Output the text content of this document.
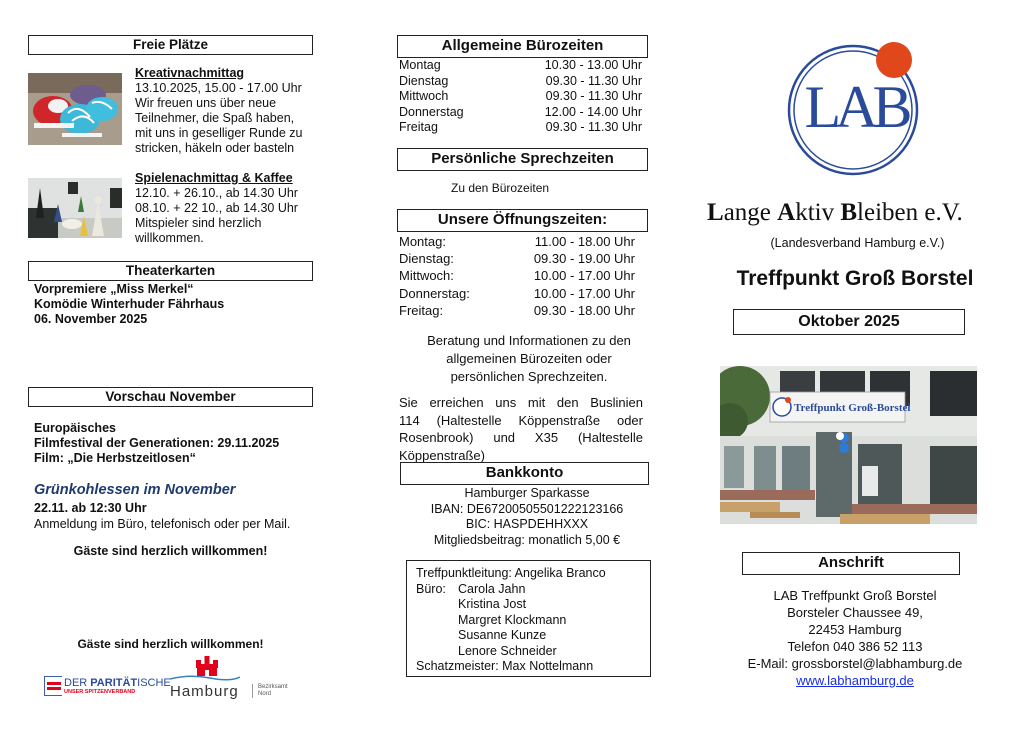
Freie Plätze
Kreativnachmittag
13.10.2025, 15.00 - 17.00 Uhr
Wir freuen uns über neue
Teilnehmer, die Spaß haben,
mit uns in geselliger Runde zu
stricken, häkeln oder basteln
Spielenachmittag & Kaffee
12.10. + 26.10., ab 14.30 Uhr
08.10. + 22 10., ab 14.30 Uhr
Mitspieler sind herzlich
willkommen.
Theaterkarten
Vorpremiere „Miss Merkel“
Komödie Winterhuder Fährhaus
06. November 2025
Vorschau November
Europäisches
Filmfestival der Generationen: 29.11.2025
Film: „Die Herbstzeitlosen“
Grünkohlessen im November
22.11. ab 12:30 Uhr
Anmeldung im Büro, telefonisch oder per Mail.
Gäste sind herzlich willkommen!
Gäste sind herzlich willkommen!
DER PARITÄTISCHE
UNSER SPITZENVERBAND Hamburg	Bezirksamt
Nord
Allgemeine Bürozeiten
Montag	10.30 - 13.00 Uhr
Dienstag	09.30 - 11.30 Uhr
Mittwoch	09.30 - 11.30 Uhr
Donnerstag	12.00 - 14.00 Uhr
Freitag	09.30 - 11.30 Uhr
Persönliche Sprechzeiten
Zu den Bürozeiten
Unsere Öffnungszeiten:
Montag:	11.00 - 18.00 Uhr
Dienstag:	09.30 - 19.00 Uhr
Mittwoch:	10.00 - 17.00 Uhr
Donnerstag:	10.00 - 17.00 Uhr
Freitag:	09.30 - 18.00 Uhr
Beratung und Informationen zu den
allgemeinen Bürozeiten oder
persönlichen Sprechzeiten.
Sie erreichen uns mit den Buslinien
114 (Haltestelle Köppenstraße oder
Rosenbrook) und X35 (Haltestelle
Köppenstraße)
Bankkonto
Hamburger Sparkasse
IBAN: DE67200505501222123166
BIC: HASPDEHHXXX
Mitgliedsbeitrag: monatlich 5,00 €
Treffpunktleitung: Angelika Branco
Büro: Carola Jahn
Kristina Jost
Margret Klockmann
Susanne Kunze
Lenore Schneider
Schatzmeister: Max Nottelmann
LAB
Lange Aktiv Bleiben e.V.
(Landesverband Hamburg e.V.)
Treffpunkt Groß Borstel
Oktober 2025
Treffpunkt Groß-Borstel
Anschrift
LAB Treffpunkt Groß Borstel
Borsteler Chaussee 49,
22453 Hamburg
Telefon 040 386 52 113
E-Mail: grossborstel@labhamburg.de
www.labhamburg.de
